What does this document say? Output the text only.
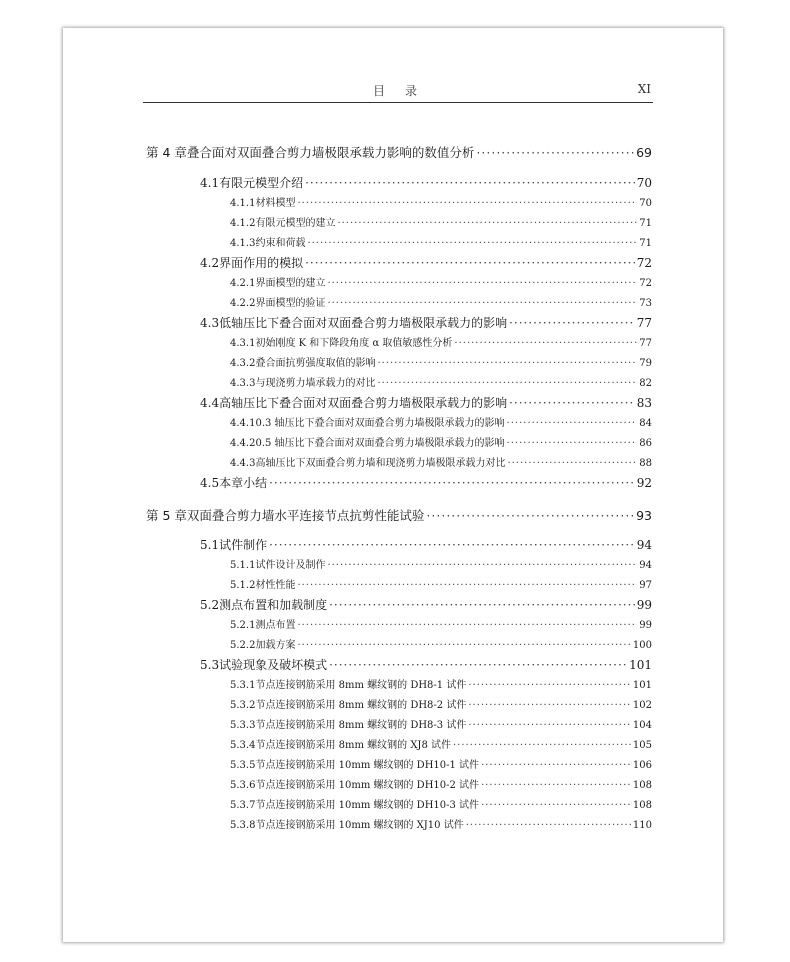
目录	XI
第 4 章 叠合面对双面叠合剪力墙极限承载力影响的数值分析 ·····	69
4.1 有限元模型介绍 ·····	70
4.1.1 材料模型 ·····	70
4.1.2 有限元模型的建立 ·····	71
4.1.3 约束和荷载 ·····	71
4.2 界面作用的模拟 ·····	72
4.2.1 界面模型的建立 ·····	72
4.2.2 界面模型的验证 ·····	73
4.3 低轴压比下叠合面对双面叠合剪力墙极限承载力的影响 ·····	77
4.3.1 初始刚度 K 和下降段角度 α 取值敏感性分析 ·····	77
4.3.2 叠合面抗剪强度取值的影响 ·····	79
4.3.3 与现浇剪力墙承载力的对比 ·····	82
4.4 高轴压比下叠合面对双面叠合剪力墙极限承载力的影响 ·····	83
4.4.1 0.3 轴压比下叠合面对双面叠合剪力墙极限承载力的影响 ·····	84
4.4.2 0.5 轴压比下叠合面对双面叠合剪力墙极限承载力的影响 ·····	86
4.4.3 高轴压比下双面叠合剪力墙和现浇剪力墙极限承载力对比 ·····	88
4.5 本章小结 ·····	92
第 5 章 双面叠合剪力墙水平连接节点抗剪性能试验 ·····	93
5.1 试件制作 ·····	94
5.1.1 试件设计及制作 ·····	94
5.1.2 材性性能 ·····	97
5.2 测点布置和加载制度 ·····	99
5.2.1 测点布置 ·····	99
5.2.2 加载方案 ·····	100
5.3 试验现象及破坏模式 ·····	101
5.3.1 节点连接钢筋采用 8mm 螺纹钢的 DH8-1 试件 ·····	101
5.3.2 节点连接钢筋采用 8mm 螺纹钢的 DH8-2 试件 ·····	102
5.3.3 节点连接钢筋采用 8mm 螺纹钢的 DH8-3 试件 ·····	104
5.3.4 节点连接钢筋采用 8mm 螺纹钢的 XJ8 试件 ·····	105
5.3.5 节点连接钢筋采用 10mm 螺纹钢的 DH10-1 试件 ·····	106
5.3.6 节点连接钢筋采用 10mm 螺纹钢的 DH10-2 试件 ·····	108
5.3.7 节点连接钢筋采用 10mm 螺纹钢的 DH10-3 试件 ·····	108
5.3.8 节点连接钢筋采用 10mm 螺纹钢的 XJ10 试件 ·····	110
